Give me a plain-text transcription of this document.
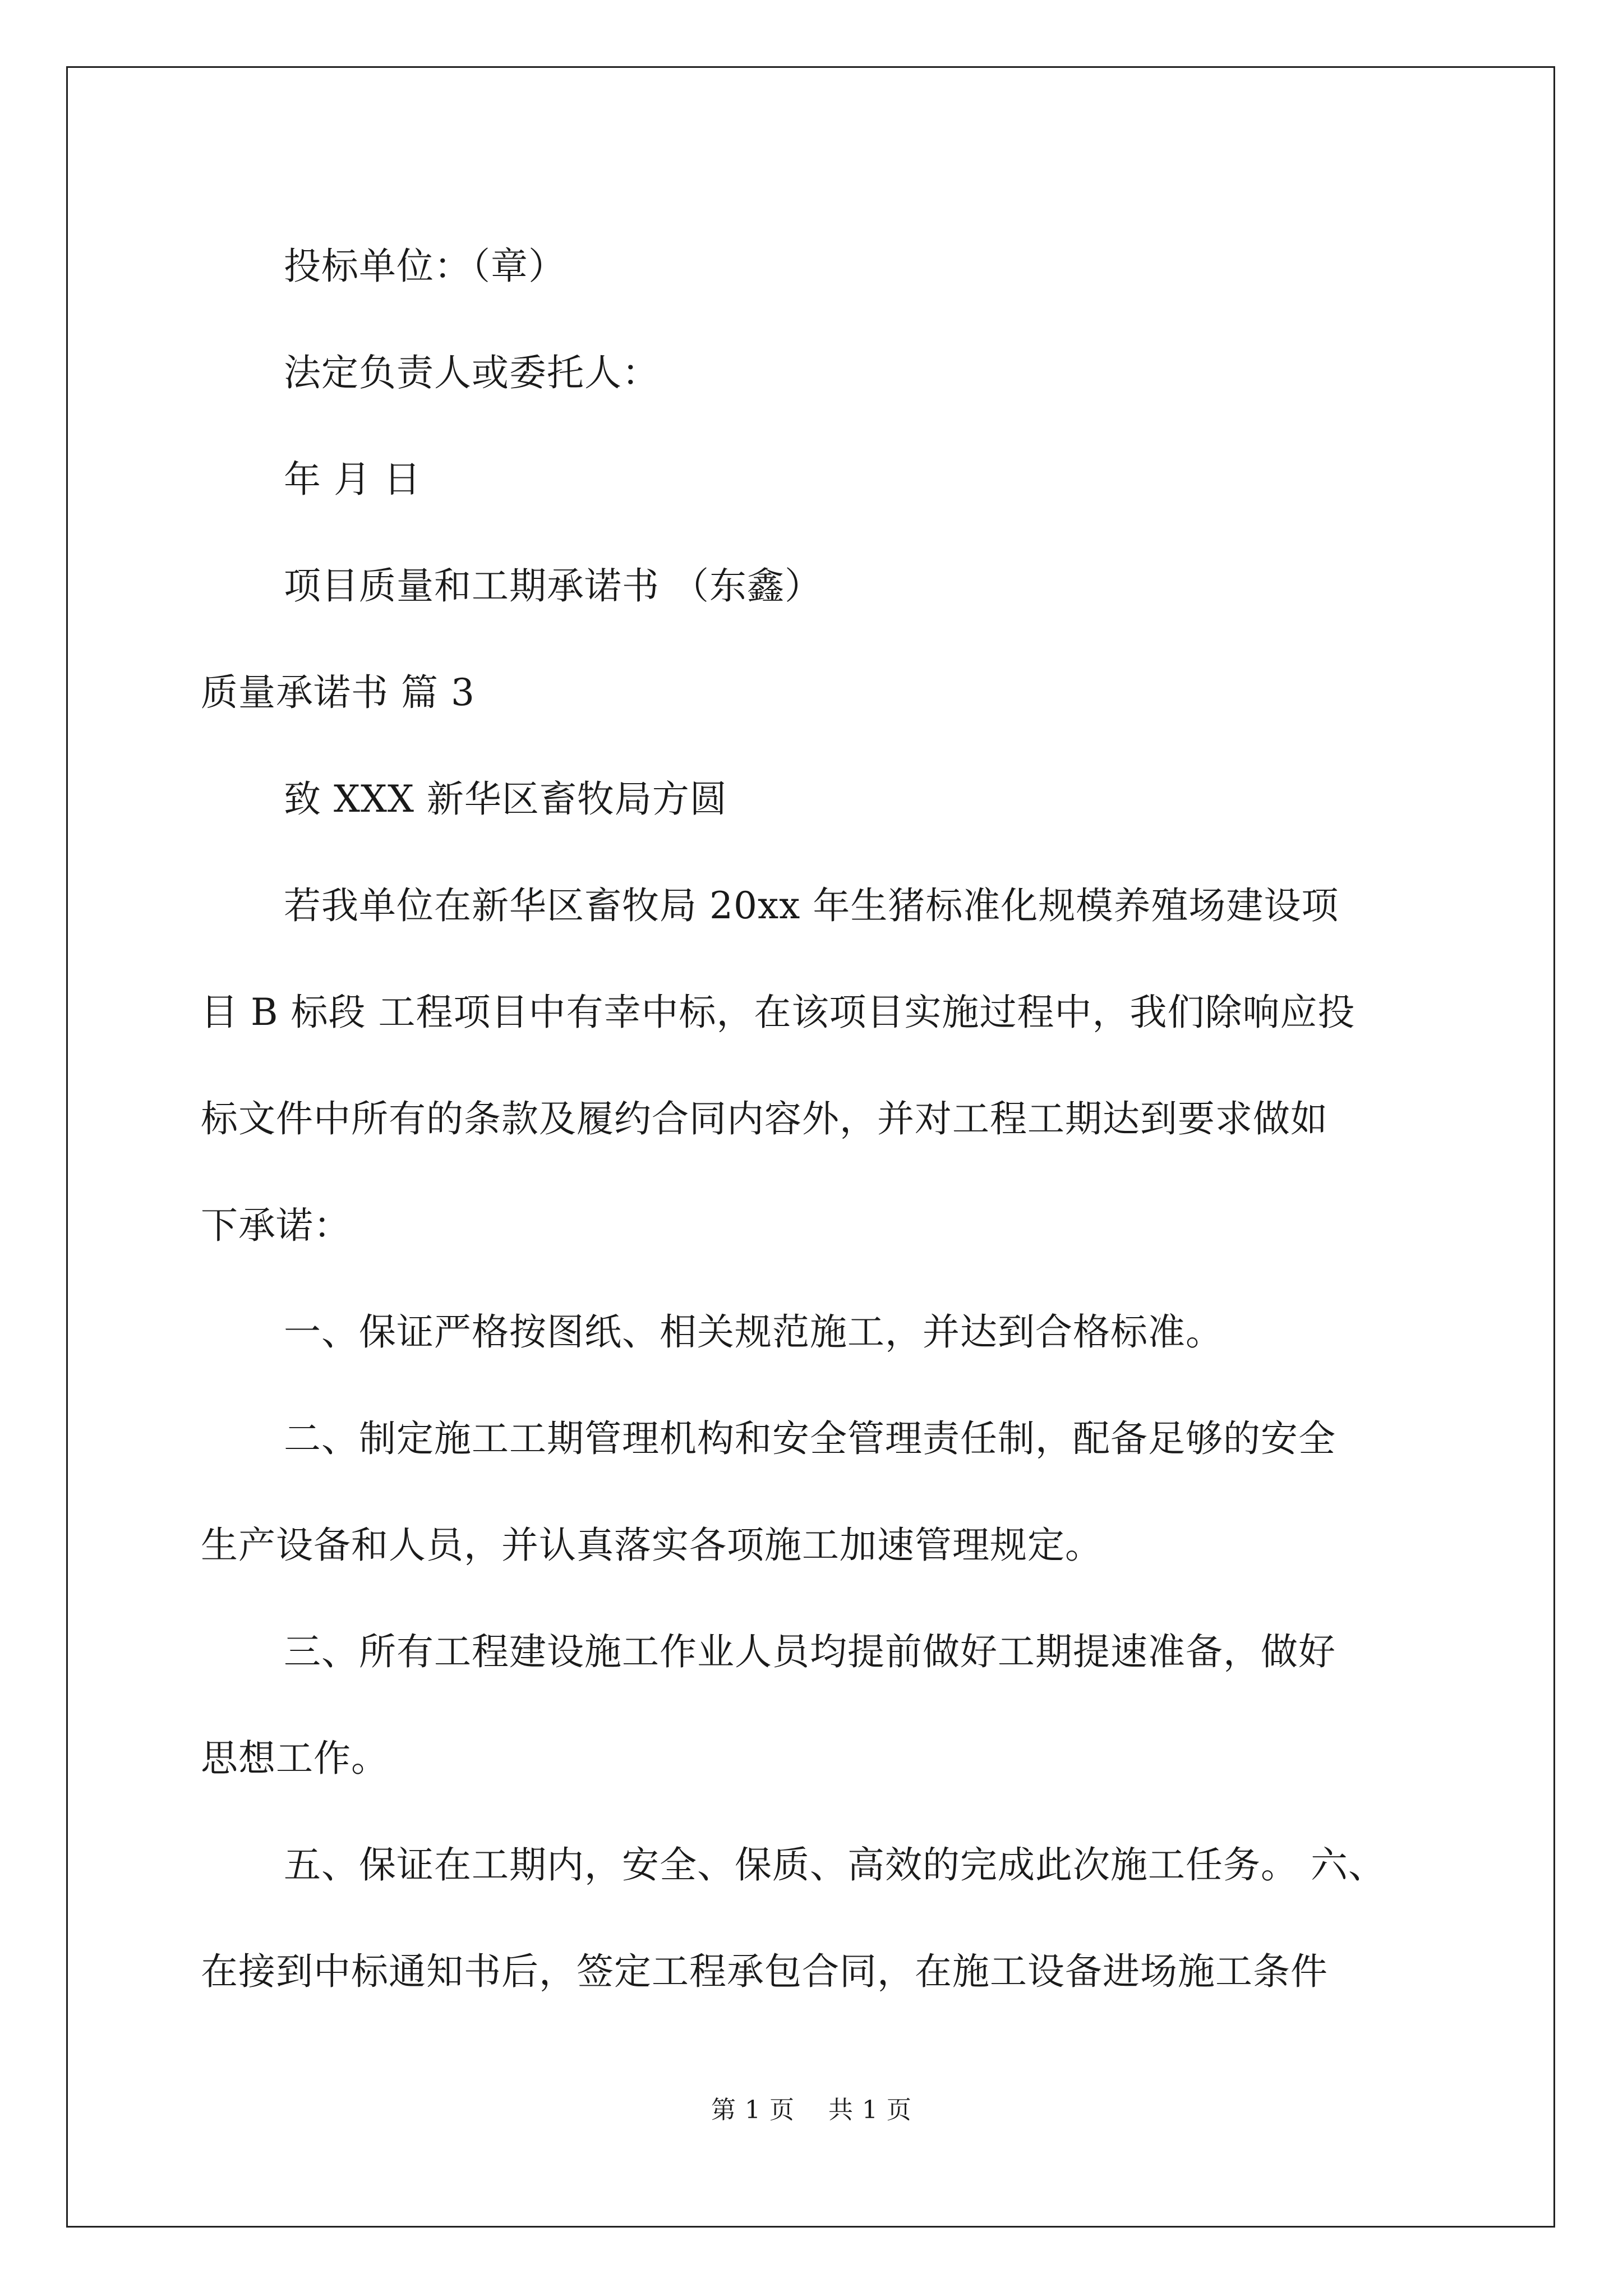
投标单位：（章）
法定负责人或委托人：
年 月 日
项目质量和工期承诺书 （东鑫）
质量承诺书 篇 3
致 XXX 新华区畜牧局方圆
若我单位在新华区畜牧局 20xx 年生猪标准化规模养殖场建设项
目 B 标段 工程项目中有幸中标，在该项目实施过程中，我们除响应投
标文件中所有的条款及履约合同内容外，并对工程工期达到要求做如
下承诺：
一、保证严格按图纸、相关规范施工，并达到合格标准。
二、制定施工工期管理机构和安全管理责任制，配备足够的安全
生产设备和人员，并认真落实各项施工加速管理规定。
三、所有工程建设施工作业人员均提前做好工期提速准备，做好
思想工作。
五、保证在工期内，安全、保质、高效的完成此次施工任务。 六、
在接到中标通知书后，签定工程承包合同，在施工设备进场施工条件
第 1 页    共 1 页
